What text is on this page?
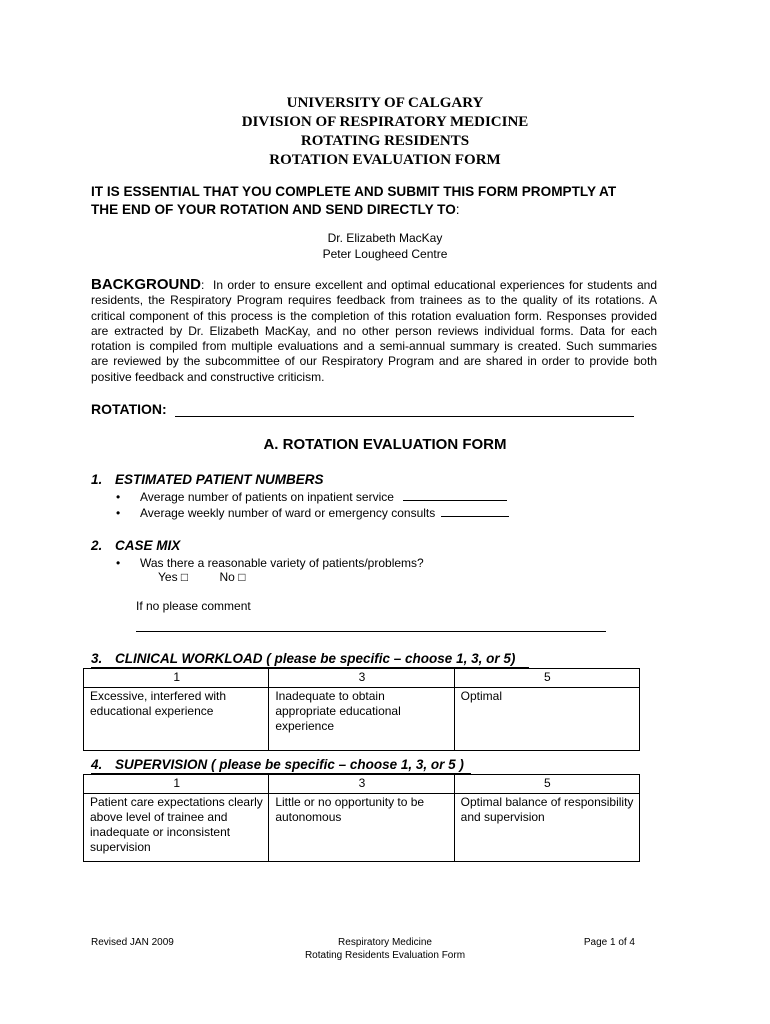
UNIVERSITY OF CALGARY
DIVISION OF RESPIRATORY MEDICINE
ROTATING RESIDENTS
ROTATION EVALUATION FORM
IT IS ESSENTIAL THAT YOU COMPLETE AND SUBMIT THIS FORM PROMPTLY AT
THE END OF YOUR ROTATION AND SEND DIRECTLY TO:
Dr. Elizabeth MacKay
Peter Lougheed Centre
BACKGROUND: In order to ensure excellent and optimal educational experiences for students and residents, the Respiratory Program requires feedback from trainees as to the quality of its rotations. A critical component of this process is the completion of this rotation evaluation form. Responses provided are extracted by Dr. Elizabeth MacKay, and no other person reviews individual forms. Data for each rotation is compiled from multiple evaluations and a semi-annual summary is created. Such summaries are reviewed by the subcommittee of our Respiratory Program and are shared in order to provide both positive feedback and constructive criticism.
ROTATION:
A. ROTATION EVALUATION FORM
1. ESTIMATED PATIENT NUMBERS
• Average number of patients on inpatient service
• Average weekly number of ward or emergency consults
2. CASE MIX
• Was there a reasonable variety of patients/problems?
Yes □	No □
If no please comment
3. CLINICAL WORKLOAD ( please be specific – choose 1, 3, or 5)
1	3	5
Excessive, interfered with educational experience	Inadequate to obtain appropriate educational experience	Optimal
4. SUPERVISION ( please be specific – choose 1, 3, or 5 )
1	3	5
Patient care expectations clearly above level of trainee and inadequate or inconsistent supervision	Little or no opportunity to be autonomous	Optimal balance of responsibility and supervision
Revised JAN 2009	Respiratory Medicine
Rotating Residents Evaluation Form
Page 1 of 4
